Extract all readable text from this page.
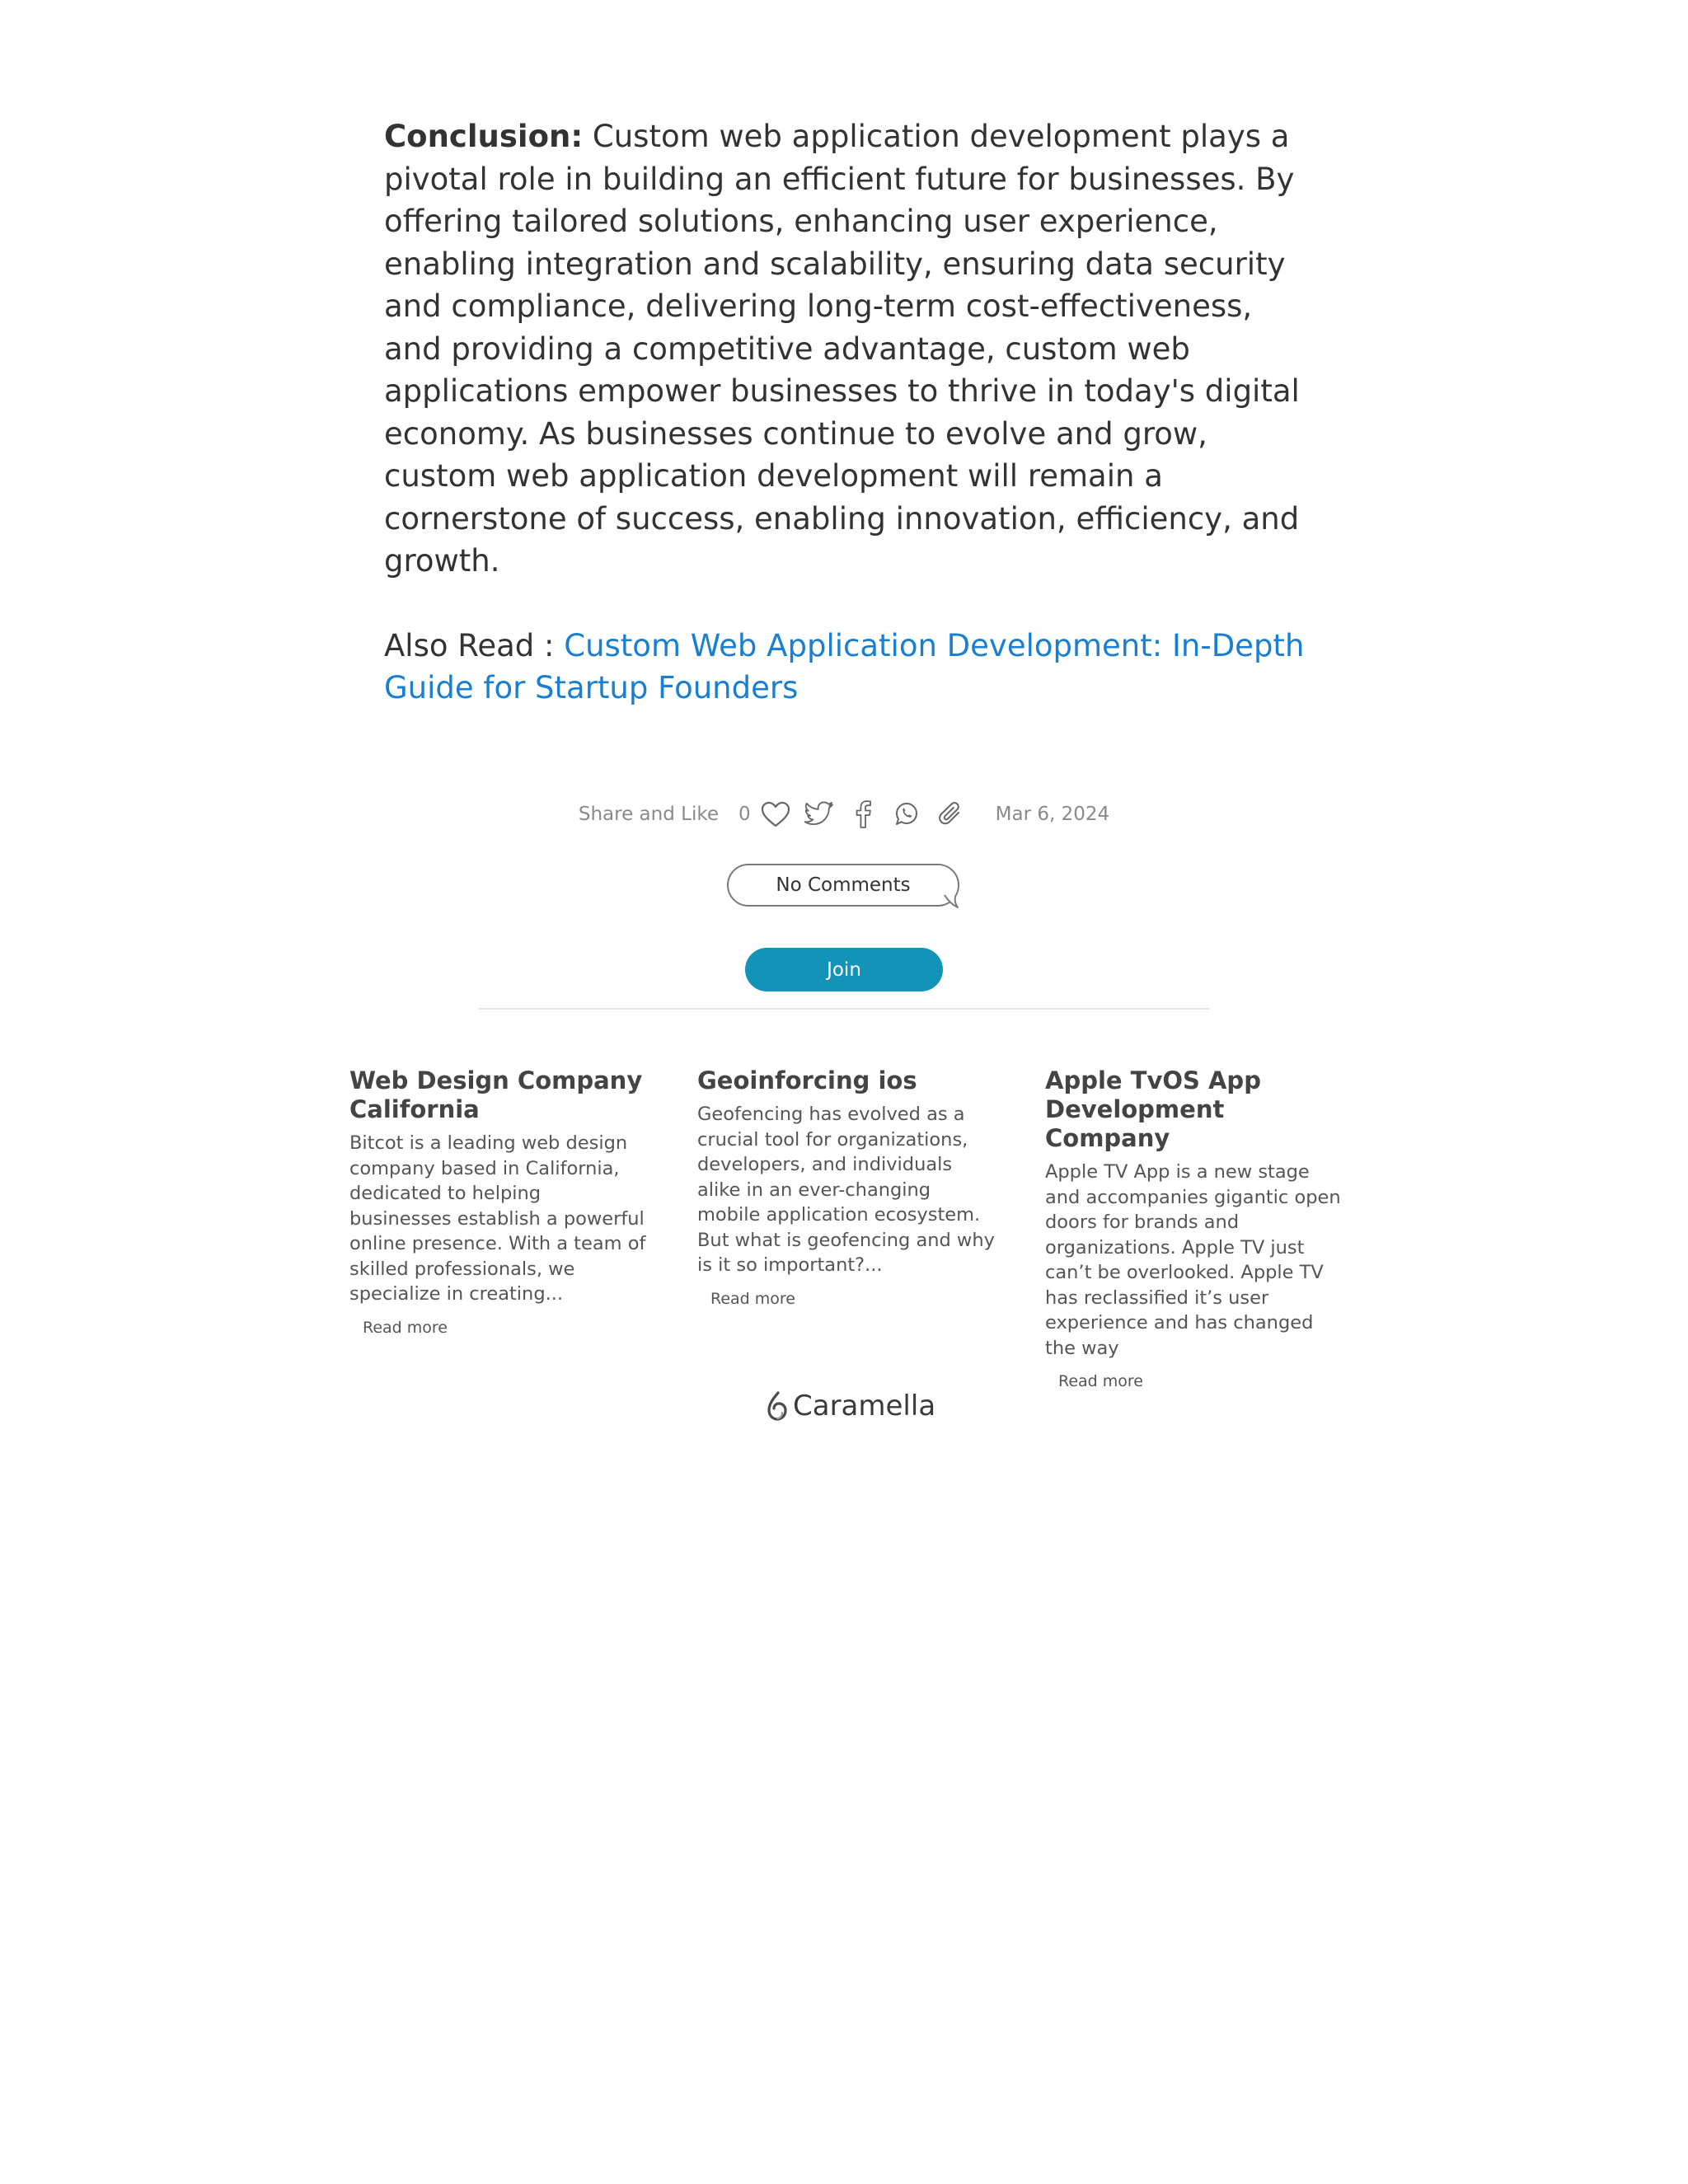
Conclusion: Custom web application development plays a pivotal role in building an efficient future for businesses. By offering tailored solutions, enhancing user experience, enabling integration and scalability, ensuring data security and compliance, delivering long-term cost-effectiveness, and providing a competitive advantage, custom web applications empower businesses to thrive in today's digital economy. As businesses continue to evolve and grow, custom web application development will remain a cornerstone of success, enabling innovation, efficiency, and growth.

Also Read : Custom Web Application Development: In-Depth Guide for Startup Founders

Share and Like 0	Mar 6, 2024
No Comments
Join
Web Design Company California

Bitcot is a leading web design company based in California, dedicated to helping businesses establish a powerful online presence. With a team of skilled professionals, we specialize in creating...

Read more
Geoinforcing ios

Geofencing has evolved as a crucial tool for organizations, developers, and individuals alike in an ever-changing mobile application ecosystem. But what is geofencing and why is it so important?...

Read more
Apple TvOS App Development Company

Apple TV App is a new stage and accompanies gigantic open doors for brands and organizations. Apple TV just can’t be overlooked. Apple TV has reclassified it’s user experience and has changed the way

Read more
Caramella
